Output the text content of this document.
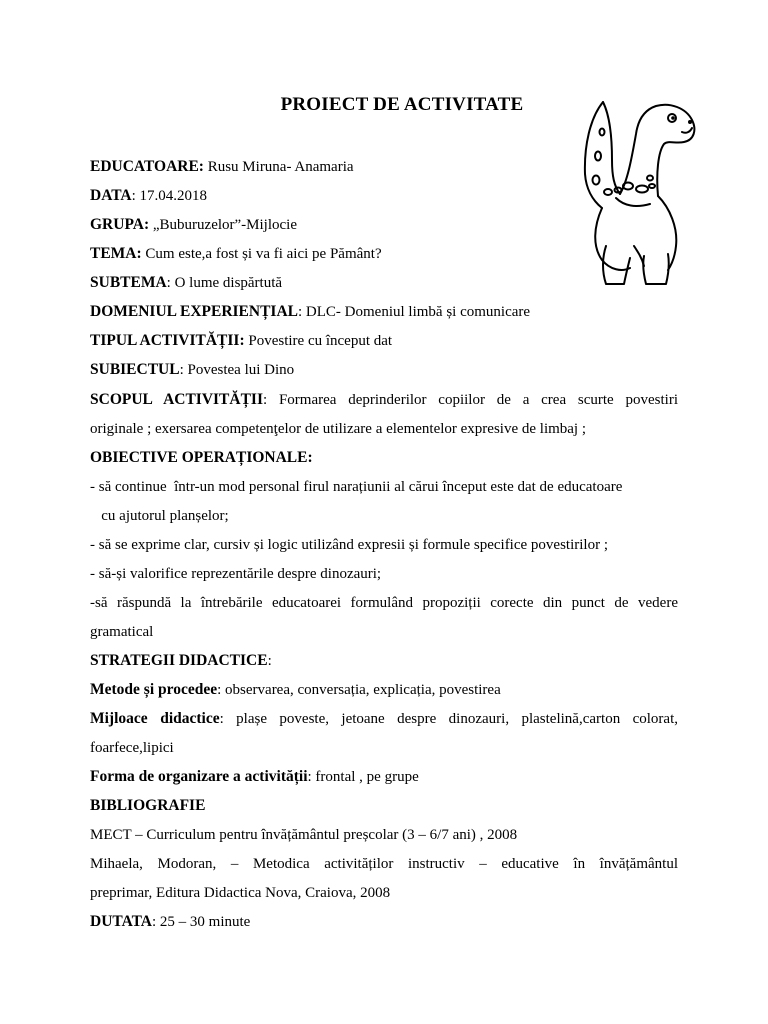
PROIECT DE ACTIVITATE
EDUCATOARE: Rusu Miruna- Anamaria
DATA: 17.04.2018
GRUPA: „Buburuzelor”-Mijlocie
TEMA: Cum este,a fost și va fi aici pe Pământ?
SUBTEMA: O lume dispărtută
DOMENIUL EXPERIENȚIAL: DLC- Domeniul limbă și comunicare
TIPUL ACTIVITĂȚII: Povestire cu început dat
SUBIECTUL: Povestea lui Dino
SCOPUL ACTIVITĂȚII: Formarea deprinderilor copiilor de a crea scurte povestiri
originale ; exersarea competenţelor de utilizare a elementelor expresive de limbaj ;
OBIECTIVE OPERAȚIONALE:
- să continue  într-un mod personal firul narațiunii al cărui început este dat de educatoare
cu ajutorul planșelor;
- să se exprime clar, cursiv și logic utilizând expresii și formule specifice povestirilor ;
- să-și valorifice reprezentările despre dinozauri;
-să răspundă la întrebările educatoarei formulând propoziții corecte din punct de vedere
gramatical
STRATEGII DIDACTICE:
Metode și procedee: observarea, conversația, explicația, povestirea
Mijloace didactice: plașe poveste, jetoane despre dinozauri, plastelină,carton colorat,
foarfece,lipici
Forma de organizare a activității: frontal , pe grupe
BIBLIOGRAFIE
MECT – Curriculum pentru învățământul preșcolar (3 – 6/7 ani) , 2008
Mihaela, Modoran, – Metodica activităților instructiv – educative în învățământul
preprimar, Editura Didactica Nova, Craiova, 2008
DUTATA: 25 – 30 minute
